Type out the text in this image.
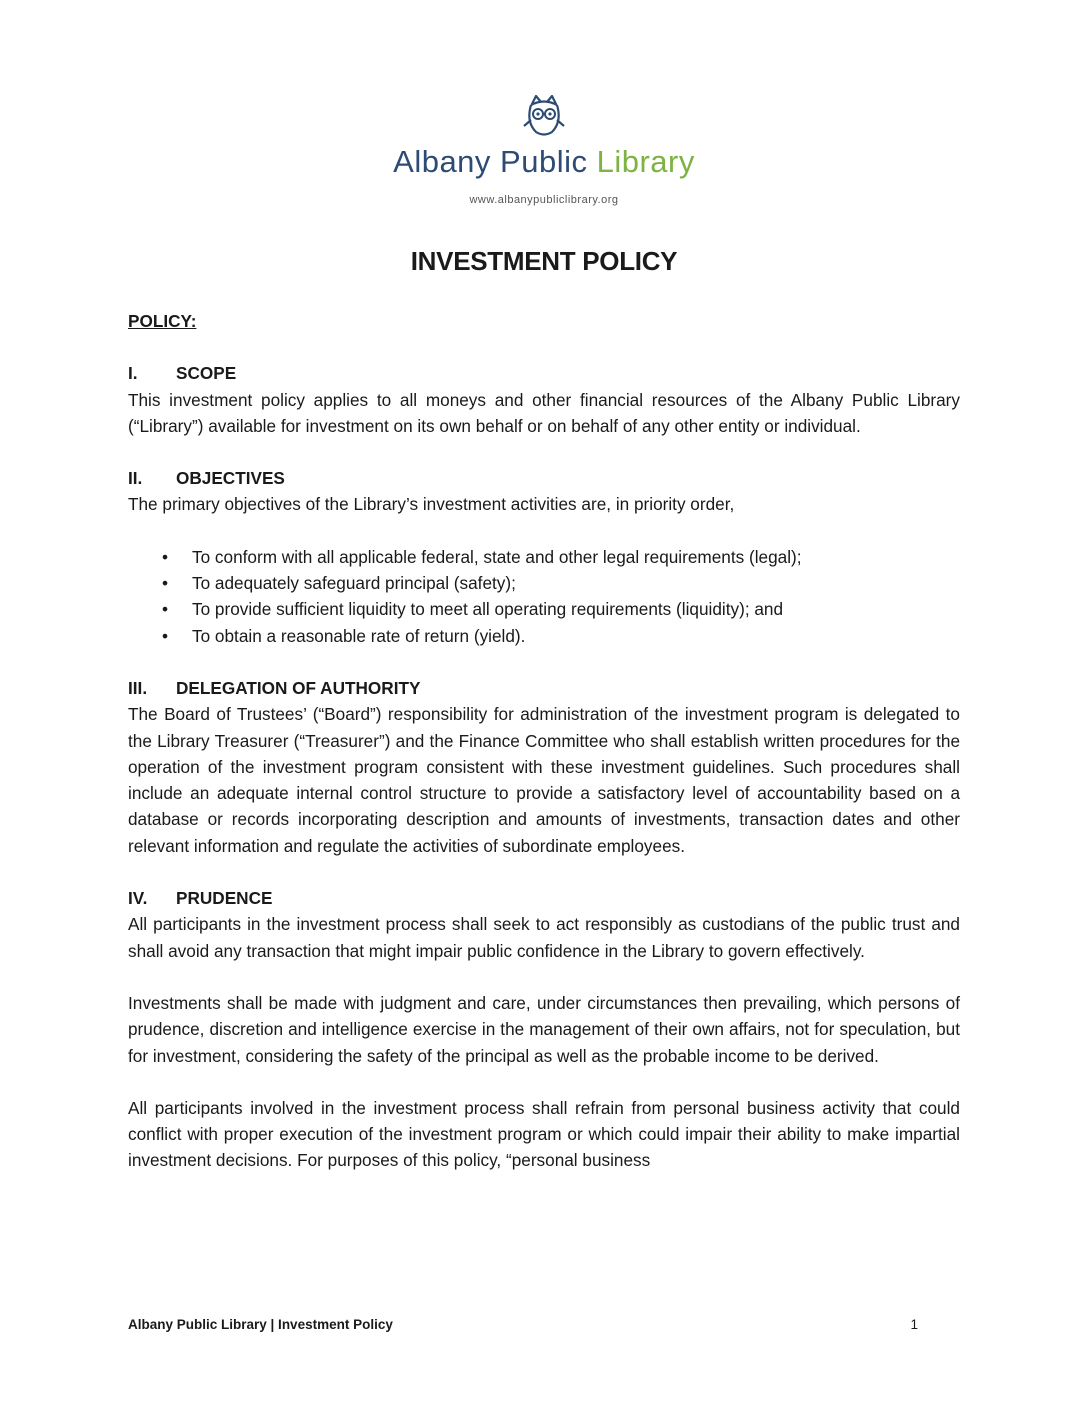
Albany Public Library
www.albanypubliclibrary.org
INVESTMENT POLICY

POLICY:

I. SCOPE

This investment policy applies to all moneys and other financial resources of the Albany Public Library (“Library”) available for investment on its own behalf or on behalf of any other entity or individual.

II. OBJECTIVES

The primary objectives of the Library’s investment activities are, in priority order,

• To conform with all applicable federal, state and other legal requirements (legal);
• To adequately safeguard principal (safety);
• To provide sufficient liquidity to meet all operating requirements (liquidity); and
• To obtain a reasonable rate of return (yield).

III. DELEGATION OF AUTHORITY

The Board of Trustees’ (“Board”) responsibility for administration of the investment program is delegated to the Library Treasurer (“Treasurer”) and the Finance Committee who shall establish written procedures for the operation of the investment program consistent with these investment guidelines. Such procedures shall include an adequate internal control structure to provide a satisfactory level of accountability based on a database or records incorporating description and amounts of investments, transaction dates and other relevant information and regulate the activities of subordinate employees.

IV. PRUDENCE

All participants in the investment process shall seek to act responsibly as custodians of the public trust and shall avoid any transaction that might impair public confidence in the Library to govern effectively.

Investments shall be made with judgment and care, under circumstances then prevailing, which persons of prudence, discretion and intelligence exercise in the management of their own affairs, not for speculation, but for investment, considering the safety of the principal as well as the probable income to be derived.

All participants involved in the investment process shall refrain from personal business activity that could conflict with proper execution of the investment program or which could impair their ability to make impartial investment decisions. For purposes of this policy, “personal business

Albany Public Library | Investment Policy	1
